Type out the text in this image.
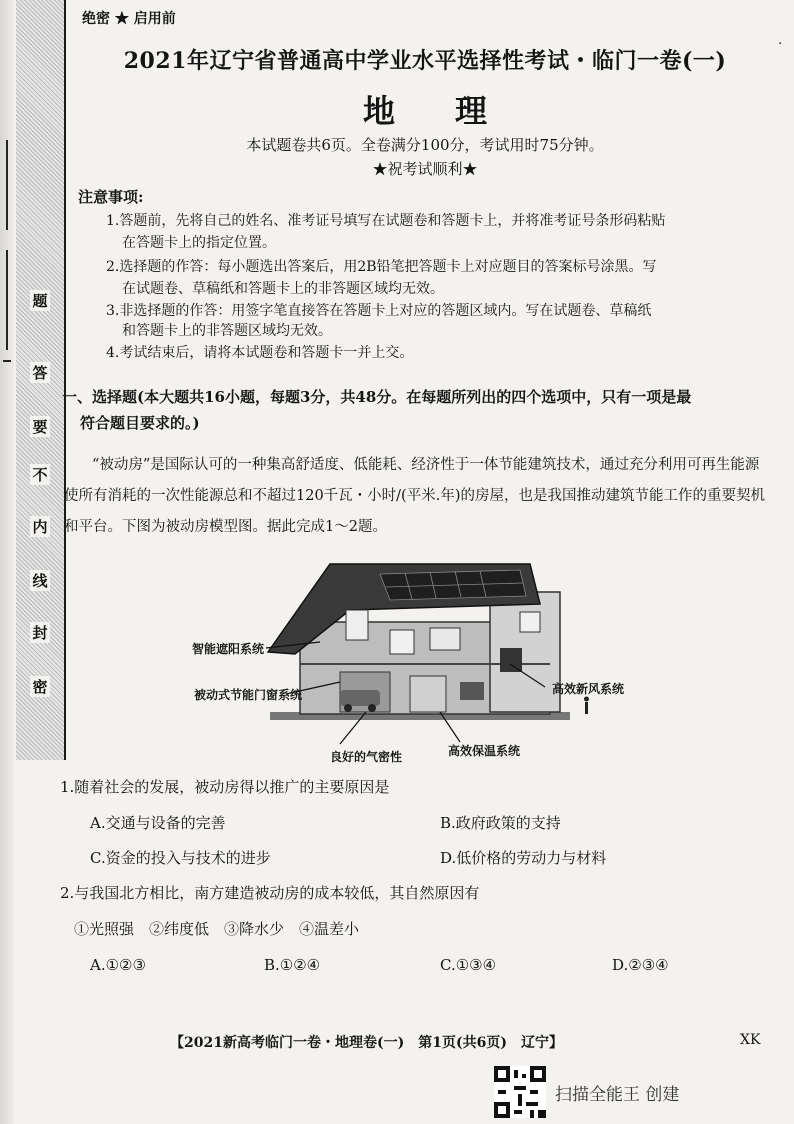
题
答
要
不
内
线
封
密
·
绝密 ★ 启用前
2021年辽宁省普通高中学业水平选择性考试・临门一卷(一)
地理
本试题卷共6页。全卷满分100分，考试用时75分钟。
★祝考试顺利★
注意事项:
1.答题前，先将自己的姓名、准考证号填写在试题卷和答题卡上，并将准考证号条形码粘贴
在答题卡上的指定位置。
2.选择题的作答：每小题选出答案后，用2B铅笔把答题卡上对应题目的答案标号涂黑。写
在试题卷、草稿纸和答题卡上的非答题区域均无效。
3.非选择题的作答：用签字笔直接答在答题卡上对应的答题区域内。写在试题卷、草稿纸
和答题卡上的非答题区域均无效。
4.考试结束后，请将本试题卷和答题卡一并上交。
一、选择题(本大题共16小题，每题3分，共48分。在每题所列出的四个选项中，只有一项是最
符合题目要求的。)
“被动房”是国际认可的一种集高舒适度、低能耗、经济性于一体节能建筑技术，通过充分利用可再生能源使所有消耗的一次性能源总和不超过120千瓦・小时/(平米.年)的房屋，也是我国推动建筑节能工作的重要契机和平台。下图为被动房模型图。据此完成1～2题。
智能遮阳系统
被动式节能门窗系统	高效新风系统
良好的气密性	高效保温系统
1.随着社会的发展，被动房得以推广的主要原因是
A.交通与设备的完善	B.政府政策的支持
C.资金的投入与技术的进步	D.低价格的劳动力与材料
2.与我国北方相比，南方建造被动房的成本较低，其自然原因有
①光照强　②纬度低　③降水少　④温差小
A.①②③	B.①②④	C.①③④	D.②③④
【2021新高考临门一卷・地理卷(一)　第1页(共6页)　辽宁】	XK
扫描全能王 创建
